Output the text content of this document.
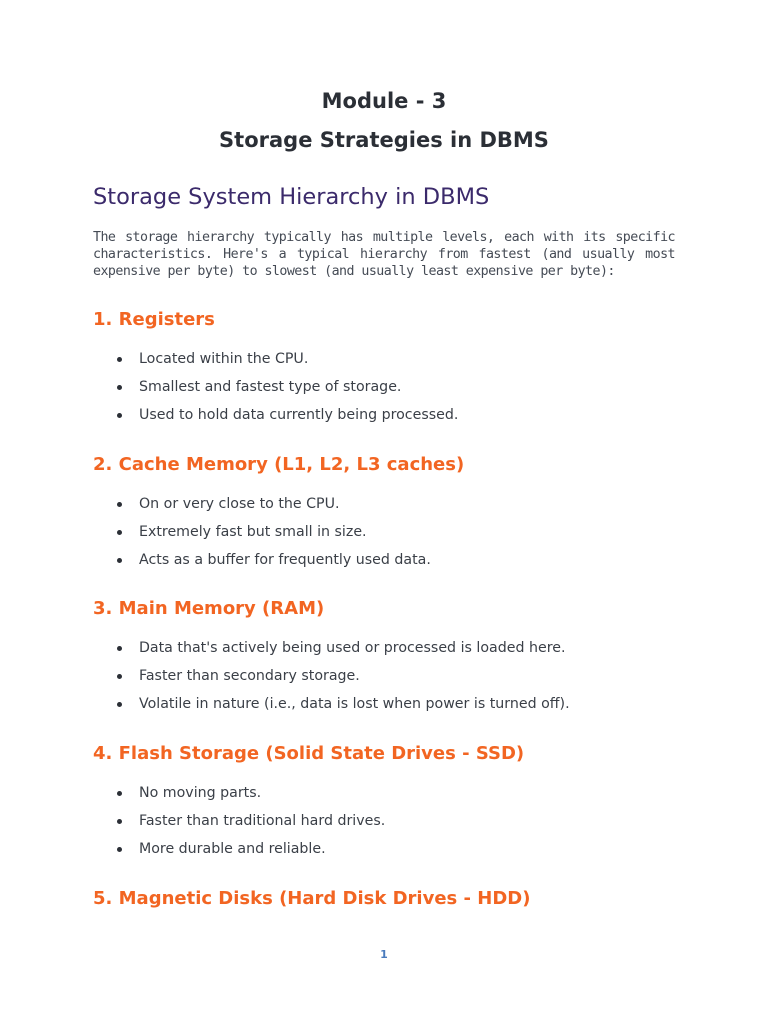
Module - 3
Storage Strategies in DBMS
Storage System Hierarchy in DBMS

The storage hierarchy typically has multiple levels, each with its specific characteristics. Here's a typical hierarchy from fastest (and usually most expensive per byte) to slowest (and usually least expensive per byte):

1. Registers
Located within the CPU.
Smallest and fastest type of storage.
Used to hold data currently being processed.
2. Cache Memory (L1, L2, L3 caches)
On or very close to the CPU.
Extremely fast but small in size.
Acts as a buffer for frequently used data.
3. Main Memory (RAM)
Data that's actively being used or processed is loaded here.
Faster than secondary storage.
Volatile in nature (i.e., data is lost when power is turned off).
4. Flash Storage (Solid State Drives - SSD)
No moving parts.
Faster than traditional hard drives.
More durable and reliable.
5. Magnetic Disks (Hard Disk Drives - HDD)
1
